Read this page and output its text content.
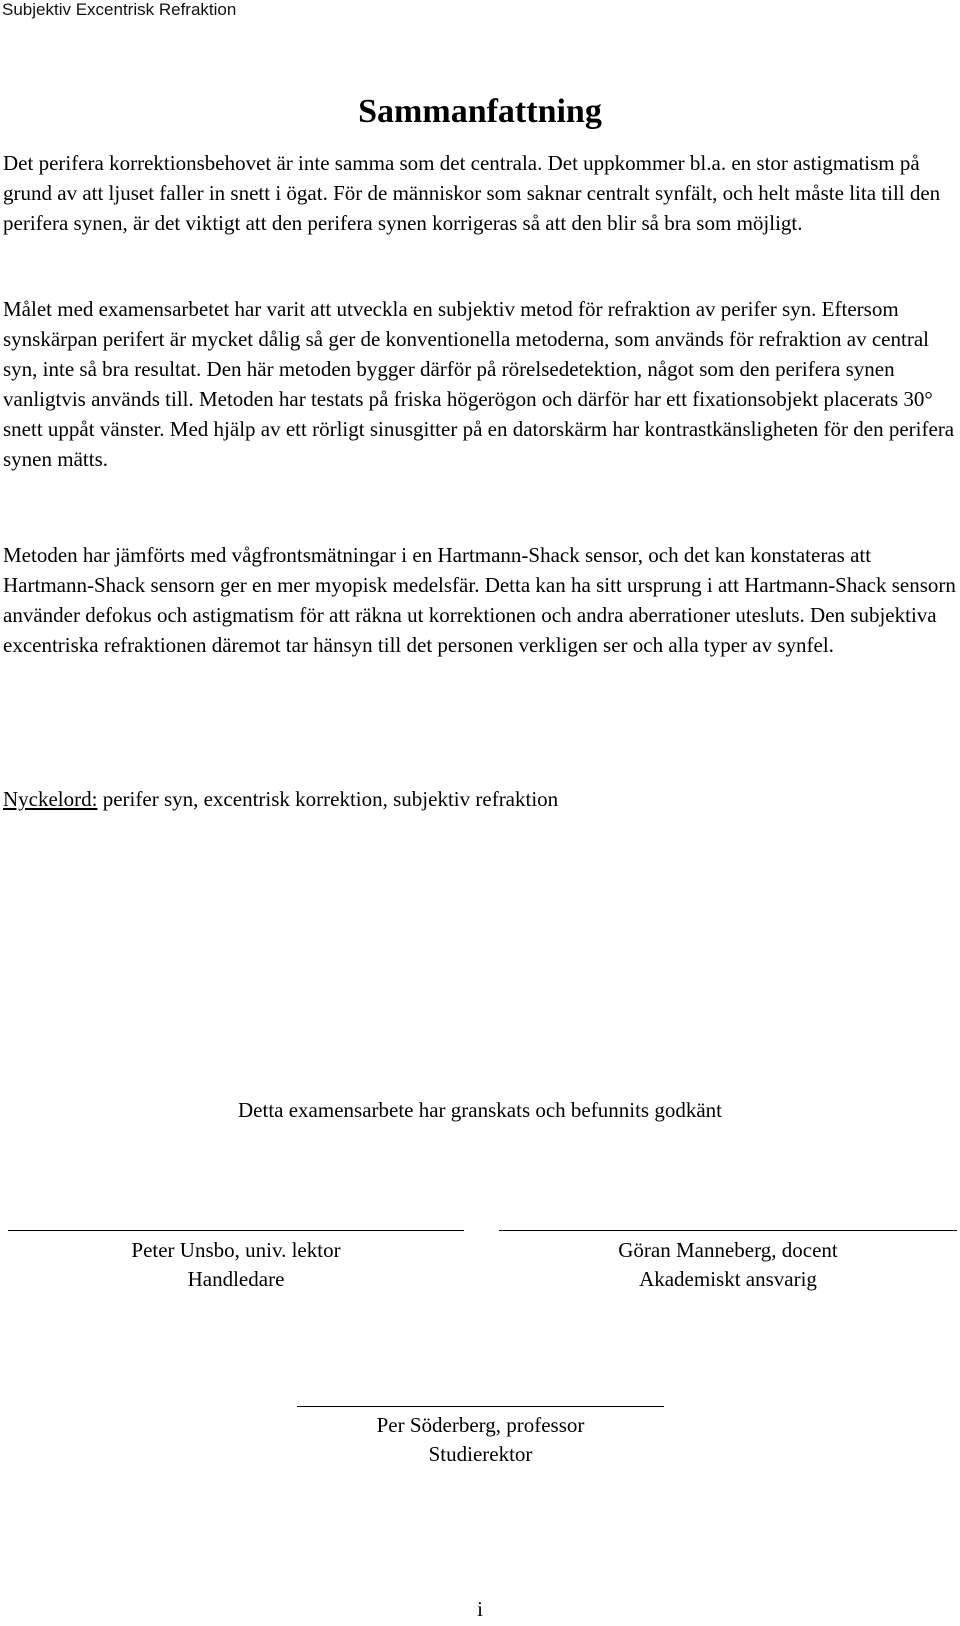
Subjektiv Excentrisk Refraktion
Sammanfattning

Det perifera korrektionsbehovet är inte samma som det centrala. Det uppkommer bl.a. en stor astigmatism på grund av att ljuset faller in snett i ögat. För de människor som saknar centralt synfält, och helt måste lita till den perifera synen, är det viktigt att den perifera synen korrigeras så att den blir så bra som möjligt.

Målet med examensarbetet har varit att utveckla en subjektiv metod för refraktion av perifer syn. Eftersom synskärpan perifert är mycket dålig så ger de konventionella metoderna, som används för refraktion av central syn, inte så bra resultat. Den här metoden bygger därför på rörelsedetektion, något som den perifera synen vanligtvis används till. Metoden har testats på friska högerögon och därför har ett fixationsobjekt placerats 30° snett uppåt vänster. Med hjälp av ett rörligt sinusgitter på en datorskärm har kontrastkänsligheten för den perifera synen mätts.

Metoden har jämförts med vågfrontsmätningar i en Hartmann-Shack sensor, och det kan konstateras att Hartmann-Shack sensorn ger en mer myopisk medelsfär. Detta kan ha sitt ursprung i att Hartmann-Shack sensorn använder defokus och astigmatism för att räkna ut korrektionen och andra aberrationer utesluts. Den subjektiva excentriska refraktionen däremot tar hänsyn till det personen verkligen ser och alla typer av synfel.

Nyckelord: perifer syn, excentrisk korrektion, subjektiv refraktion
Detta examensarbete har granskats och befunnits godkänt
Peter Unsbo, univ. lektor
Handledare
Göran Manneberg, docent
Akademiskt ansvarig
Per Söderberg, professor
Studierektor
i
